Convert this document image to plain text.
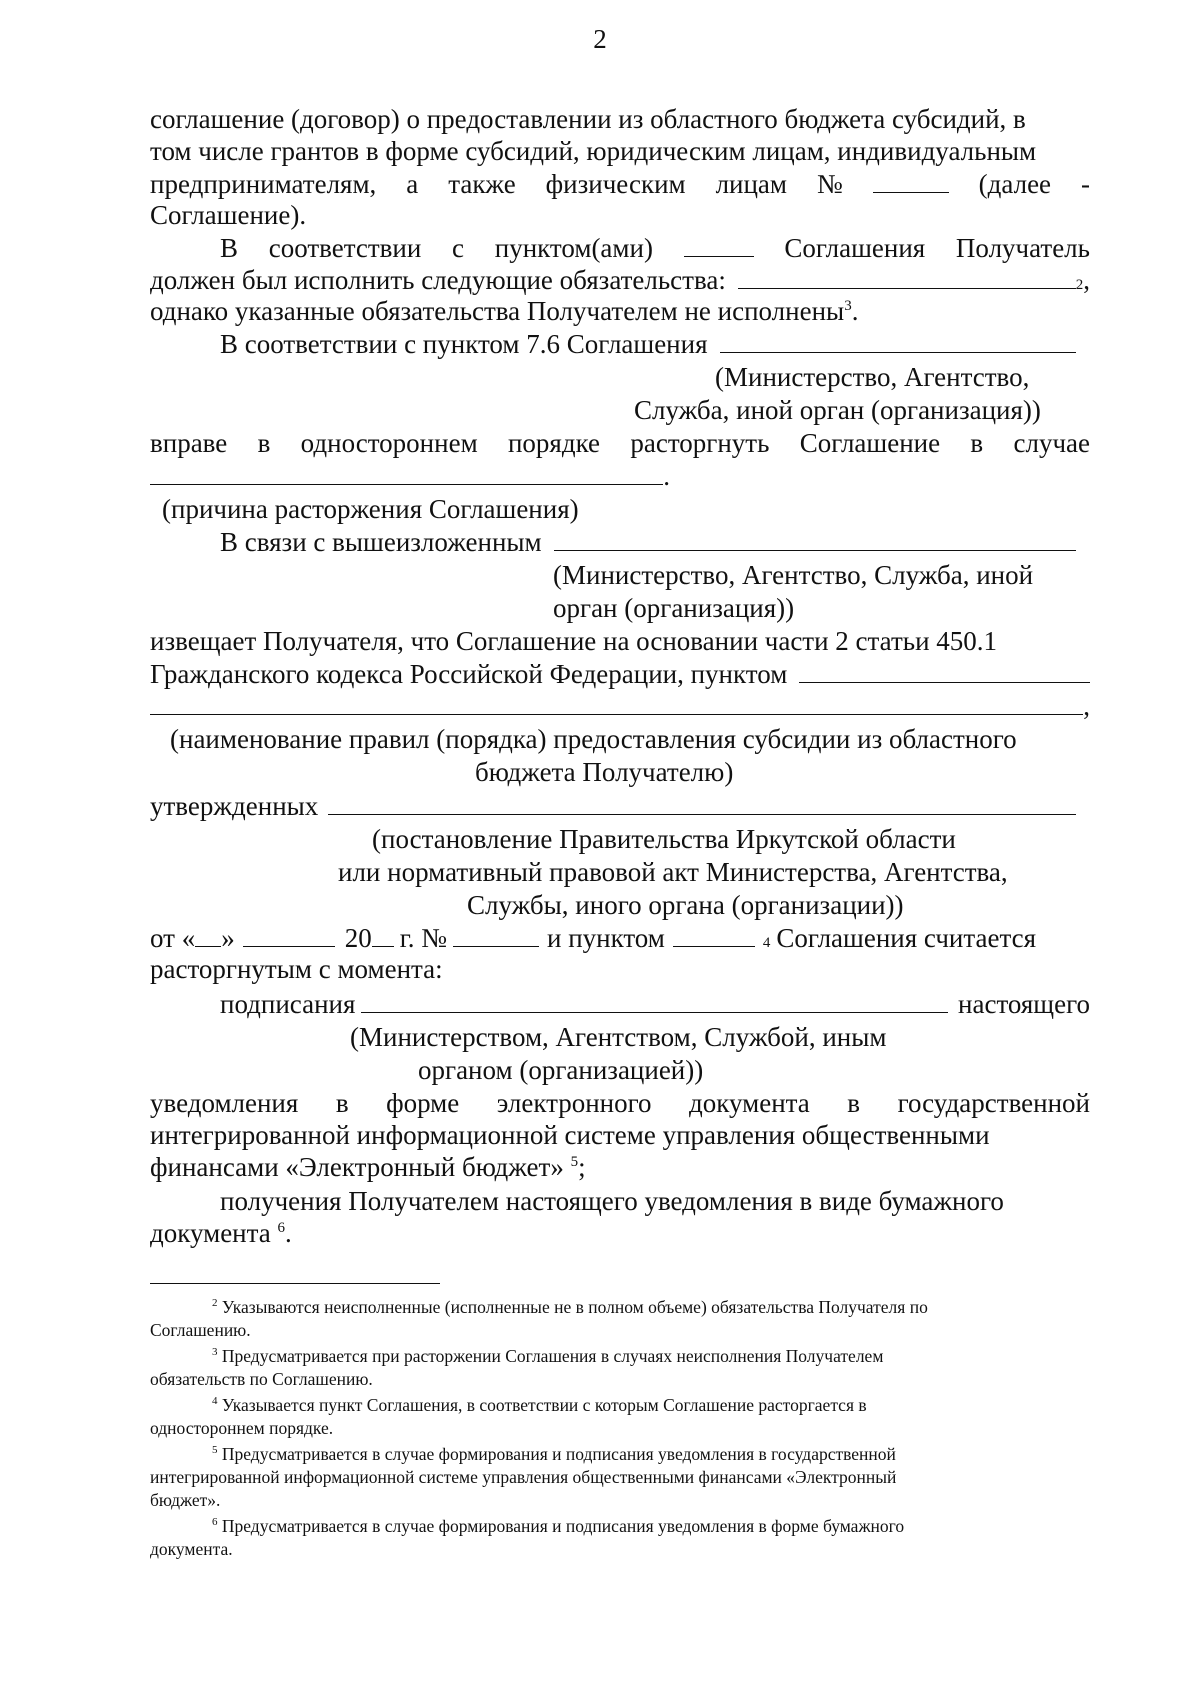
2
соглашение (договор) о предоставлении из областного бюджета субсидий, в
том числе грантов в форме субсидий, юридическим лицам, индивидуальным
предпринимателям, а также физическим лицам №	(далее -
Соглашение).
В соответствии с пунктом(ами)	Соглашения Получатель
должен был исполнить следующие обязательства:	2 ,
однако указанные обязательства Получателем не исполнены$^3$.
В соответствии с пунктом 7.6 Соглашения
(Министерство, Агентство,
Служба, иной орган (организация))
вправе в одностороннем порядке расторгнуть Соглашение в случае
.
(причина расторжения Соглашения)
В связи с вышеизложенным
(Министерство, Агентство, Служба, иной
орган (организация))
извещает Получателя, что Соглашение на основании части 2 статьи 450.1
Гражданского кодекса Российской Федерации, пунктом
,
(наименование правил (порядка) предоставления субсидии из областного
бюджета Получателю)
утвержденных
(постановление Правительства Иркутской области
или нормативный правовой акт Министерства, Агентства,
Службы, иного органа (организации))
от « »	20 г. №	и пунктом	4 Соглашения считается
расторгнутым с момента:
подписания	настоящего
(Министерством, Агентством, Службой, иным
органом (организацией))
уведомления в форме электронного документа в государственной
интегрированной информационной системе управления общественными
финансами «Электронный бюджет» $^5$;
получения Получателем настоящего уведомления в виде бумажного
документа $^6$.
$^2$ Указываются неисполненные (исполненные не в полном объеме) обязательства Получателя по
Соглашению.
$^3$ Предусматривается при расторжении Соглашения в случаях неисполнения Получателем
обязательств по Соглашению.
$^4$ Указывается пункт Соглашения, в соответствии с которым Соглашение расторгается в
одностороннем порядке.
$^5$ Предусматривается в случае формирования и подписания уведомления в государственной
интегрированной информационной системе управления общественными финансами «Электронный
бюджет».
$^6$ Предусматривается в случае формирования и подписания уведомления в форме бумажного
документа.
